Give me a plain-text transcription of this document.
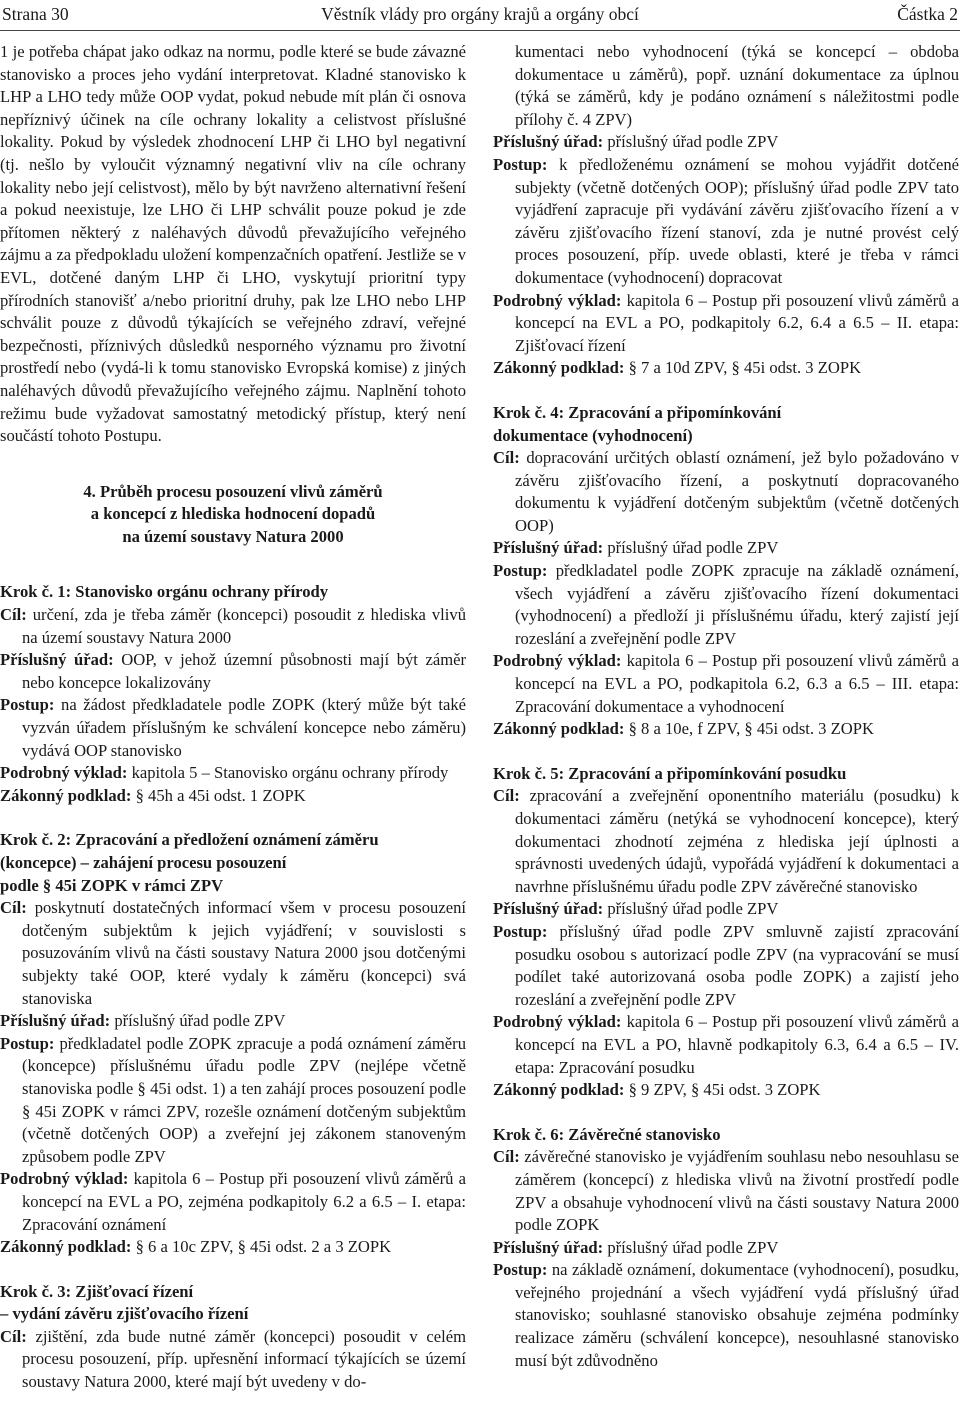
Strana 30	Věstník vlády pro orgány krajů a orgány obcí	Částka 2

1 je potřeba chápat jako odkaz na normu, podle které se bude závazné stanovisko a proces jeho vydání interpretovat. Kladné stanovisko k LHP a LHO tedy může OOP vydat, pokud nebude mít plán či osnova nepříznivý účinek na cíle ochrany lokality a celistvost příslušné lokality. Pokud by výsledek zhodnocení LHP či LHO byl negativní (tj. nešlo by vyloučit významný negativní vliv na cíle ochrany lokality nebo její celistvost), mělo by být navrženo alternativní řešení a pokud neexistuje, lze LHO či LHP schválit pouze pokud je zde přítomen některý z naléhavých důvodů převažujícího veřejného zájmu a za předpokladu uložení kompenzačních opatření. Jestliže se v EVL, dotčené daným LHP či LHO, vyskytují prioritní typy přírodních stanovišť a/nebo prioritní druhy, pak lze LHO nebo LHP schválit pouze z důvodů týkajících se veřejného zdraví, veřejné bezpečnosti, příznivých důsledků nesporného významu pro životní prostředí nebo (vydá-li k tomu stanovisko Evropská komise) z jiných naléhavých důvodů převažujícího veřejného zájmu. Naplnění tohoto režimu bude vyžadovat samostatný metodický přístup, který není součástí tohoto Postupu.

4. Průběh procesu posouzení vlivů záměrů

a koncepcí z hlediska hodnocení dopadů

na území soustavy Natura 2000

Krok č. 1: Stanovisko orgánu ochrany přírody

Cíl: určení, zda je třeba záměr (koncepci) posoudit z hlediska vlivů na území soustavy Natura 2000

Příslušný úřad: OOP, v jehož územní působnosti mají být záměr nebo koncepce lokalizovány

Postup: na žádost předkladatele podle ZOPK (který může být také vyzván úřadem příslušným ke schválení koncepce nebo záměru) vydává OOP stanovisko

Podrobný výklad: kapitola 5 – Stanovisko orgánu ochrany přírody

Zákonný podklad: § 45h a 45i odst. 1 ZOPK

Krok č. 2: Zpracování a předložení oznámení záměru

(koncepce) – zahájení procesu posouzení

podle § 45i ZOPK v rámci ZPV

Cíl: poskytnutí dostatečných informací všem v procesu posouzení dotčeným subjektům k jejich vyjádření; v souvislosti s posuzováním vlivů na části soustavy Natura 2000 jsou dotčenými subjekty také OOP, které vydaly k záměru (koncepci) svá stanoviska

Příslušný úřad: příslušný úřad podle ZPV

Postup: předkladatel podle ZOPK zpracuje a podá oznámení záměru (koncepce) příslušnému úřadu podle ZPV (nejlépe včetně stanoviska podle § 45i odst. 1) a ten zahájí proces posouzení podle § 45i ZOPK v rámci ZPV, rozešle oznámení dotčeným subjektům (včetně dotčených OOP) a zveřejní jej zákonem stanoveným způsobem podle ZPV

Podrobný výklad: kapitola 6 – Postup při posouzení vlivů záměrů a koncepcí na EVL a PO, zejména podkapitoly 6.2 a 6.5 – I. etapa: Zpracování oznámení

Zákonný podklad: § 6 a 10c ZPV, § 45i odst. 2 a 3 ZOPK

Krok č. 3: Zjišťovací řízení

– vydání závěru zjišťovacího řízení

Cíl: zjištění, zda bude nutné záměr (koncepci) posoudit v celém procesu posouzení, příp. upřesnění informací týkajících se území soustavy Natura 2000, které mají být uvedeny v do-

kumentaci nebo vyhodnocení (týká se koncepcí – obdoba dokumentace u záměrů), popř. uznání dokumentace za úplnou (týká se záměrů, kdy je podáno oznámení s náležitostmi podle přílohy č. 4 ZPV)

Příslušný úřad: příslušný úřad podle ZPV

Postup: k předloženému oznámení se mohou vyjádřit dotčené subjekty (včetně dotčených OOP); příslušný úřad podle ZPV tato vyjádření zapracuje při vydávání závěru zjišťovacího řízení a v závěru zjišťovacího řízení stanoví, zda je nutné provést celý proces posouzení, příp. uvede oblasti, které je třeba v rámci dokumentace (vyhodnocení) dopracovat

Podrobný výklad: kapitola 6 – Postup při posouzení vlivů záměrů a koncepcí na EVL a PO, podkapitoly 6.2, 6.4 a 6.5 – II. etapa: Zjišťovací řízení

Zákonný podklad: § 7 a 10d ZPV, § 45i odst. 3 ZOPK

Krok č. 4: Zpracování a připomínkování

dokumentace (vyhodnocení)

Cíl: dopracování určitých oblastí oznámení, jež bylo požadováno v závěru zjišťovacího řízení, a poskytnutí dopracovaného dokumentu k vyjádření dotčeným subjektům (včetně dotčených OOP)

Příslušný úřad: příslušný úřad podle ZPV

Postup: předkladatel podle ZOPK zpracuje na základě oznámení, všech vyjádření a závěru zjišťovacího řízení dokumentaci (vyhodnocení) a předloží ji příslušnému úřadu, který zajistí její rozeslání a zveřejnění podle ZPV

Podrobný výklad: kapitola 6 – Postup při posouzení vlivů záměrů a koncepcí na EVL a PO, podkapitola 6.2, 6.3 a 6.5 – III. etapa: Zpracování dokumentace a vyhodnocení

Zákonný podklad: § 8 a 10e, f ZPV, § 45i odst. 3 ZOPK

Krok č. 5: Zpracování a připomínkování posudku

Cíl: zpracování a zveřejnění oponentního materiálu (posudku) k dokumentaci záměru (netýká se vyhodnocení koncepce), který dokumentaci zhodnotí zejména z hlediska její úplnosti a správnosti uvedených údajů, vypořádá vyjádření k dokumentaci a navrhne příslušnému úřadu podle ZPV závěrečné stanovisko

Příslušný úřad: příslušný úřad podle ZPV

Postup: příslušný úřad podle ZPV smluvně zajistí zpracování posudku osobou s autorizací podle ZPV (na vypracování se musí podílet také autorizovaná osoba podle ZOPK) a zajistí jeho rozeslání a zveřejnění podle ZPV

Podrobný výklad: kapitola 6 – Postup při posouzení vlivů záměrů a koncepcí na EVL a PO, hlavně podkapitoly 6.3, 6.4 a 6.5 – IV. etapa: Zpracování posudku

Zákonný podklad: § 9 ZPV, § 45i odst. 3 ZOPK

Krok č. 6: Závěrečné stanovisko

Cíl: závěrečné stanovisko je vyjádřením souhlasu nebo nesouhlasu se záměrem (koncepcí) z hlediska vlivů na životní prostředí podle ZPV a obsahuje vyhodnocení vlivů na části soustavy Natura 2000 podle ZOPK

Příslušný úřad: příslušný úřad podle ZPV

Postup: na základě oznámení, dokumentace (vyhodnocení), posudku, veřejného projednání a všech vyjádření vydá příslušný úřad stanovisko; souhlasné stanovisko obsahuje zejména podmínky realizace záměru (schválení koncepce), nesouhlasné stanovisko musí být zdůvodněno
